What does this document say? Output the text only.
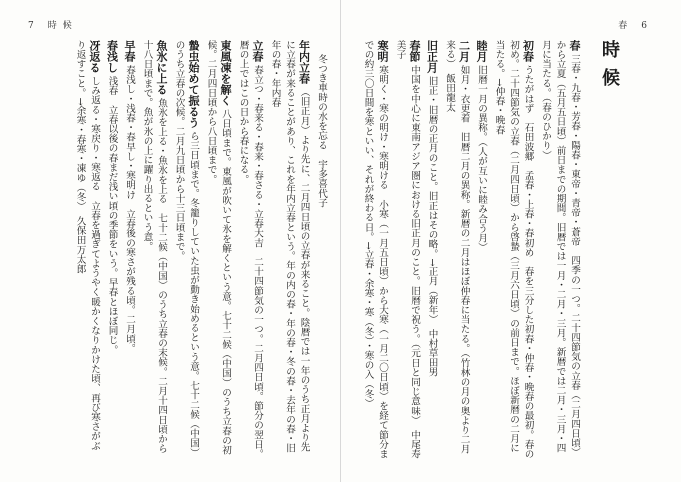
7 時候
冬つき車時の水を忘る　宇多喜代子
年内立春 （旧正月）より先に、二月四日頃の立春が来ること。陰暦では一年のうち正月より先に立春が来ることがあり、これを年内立春という。年の内の春・年の春・冬の春・去年の春・旧年の春・年内春
立春 春立つ・春来る・春来・春さる・立春大吉　二十四節気の一つ。二月四日頃。節分の翌日。暦の上ではこの日から春になる。
東風凍を解く 八日頃まで。東風が吹いて氷を解くという意。七十二候（中国）のうち立春の初候。二月四日頃から八日頃まで。
蟄虫始めて振るう ら三日頃まで。冬籠りしていた虫が動き始めるという意。七十二候（中国）のうち立春の次候。二月九日頃から十三日頃まで。
魚氷に上る 魚氷を上る・魚氷を上る　七十二候（中国）のうち立春の末候。二月十四日頃から十八日頃まで。魚が氷の上に躍り出るという意。
早春 春浅し・浅春・春早し・寒明け　立春後の寒さが残る頃。二月頃。
春浅し 浅春　立春以後の春まだ浅い頃の季節をいう。早春とほぼ同じ。
冴返る しみ返る・寒戻り・寒返る　立春を過ぎてようやく暖かくなりかけた頃、再び寒さがぶり返すこと。→余寒・春寒・凍ゆ（冬）　久保田万太郎
春 6
時候
春 三春・九春・芳春・陽春・東帝・青帝・蒼帝　四季の一つ。二十四節気の立春（二月四日頃）から立夏（五月五日頃）前日までの期間。旧暦では一月・二月・三月。新暦では二月・三月・四月に当たる。（春のひかり）
初春 うたがはず　石田波郷　孟春・上春・春初め　春を三分した初春・仲春・晩春の最初。春の初め。二十四節気の立春（二月四日頃）から啓蟄（三月六日頃）の前日まで。ほぼ新暦の二月に当たる。→仲春・晩春
睦月 旧暦一月の異称。（人が互いに睦み合う月）
二月 如月・衣更着　旧暦二月の異称。新暦の二月はほぼ仲春に当たる。（竹林の月の奥より二月来る）　飯田龍太
旧正月 旧正・旧暦の正月のこと。旧正はその略。→正月（新年）　中村草田男
春節 中国を中心に東南アジア圏における旧正月のこと。旧暦で祝う。（元日と同じ意味）　中尾寿美子
寒明 寒明く・寒の明け・寒明ける　小寒（一月五日頃）から大寒（一月二〇日頃）を経て節分までの約三〇日間を寒といい、それが終わる日。→立春・余寒・寒（冬）・寒の入（冬）
